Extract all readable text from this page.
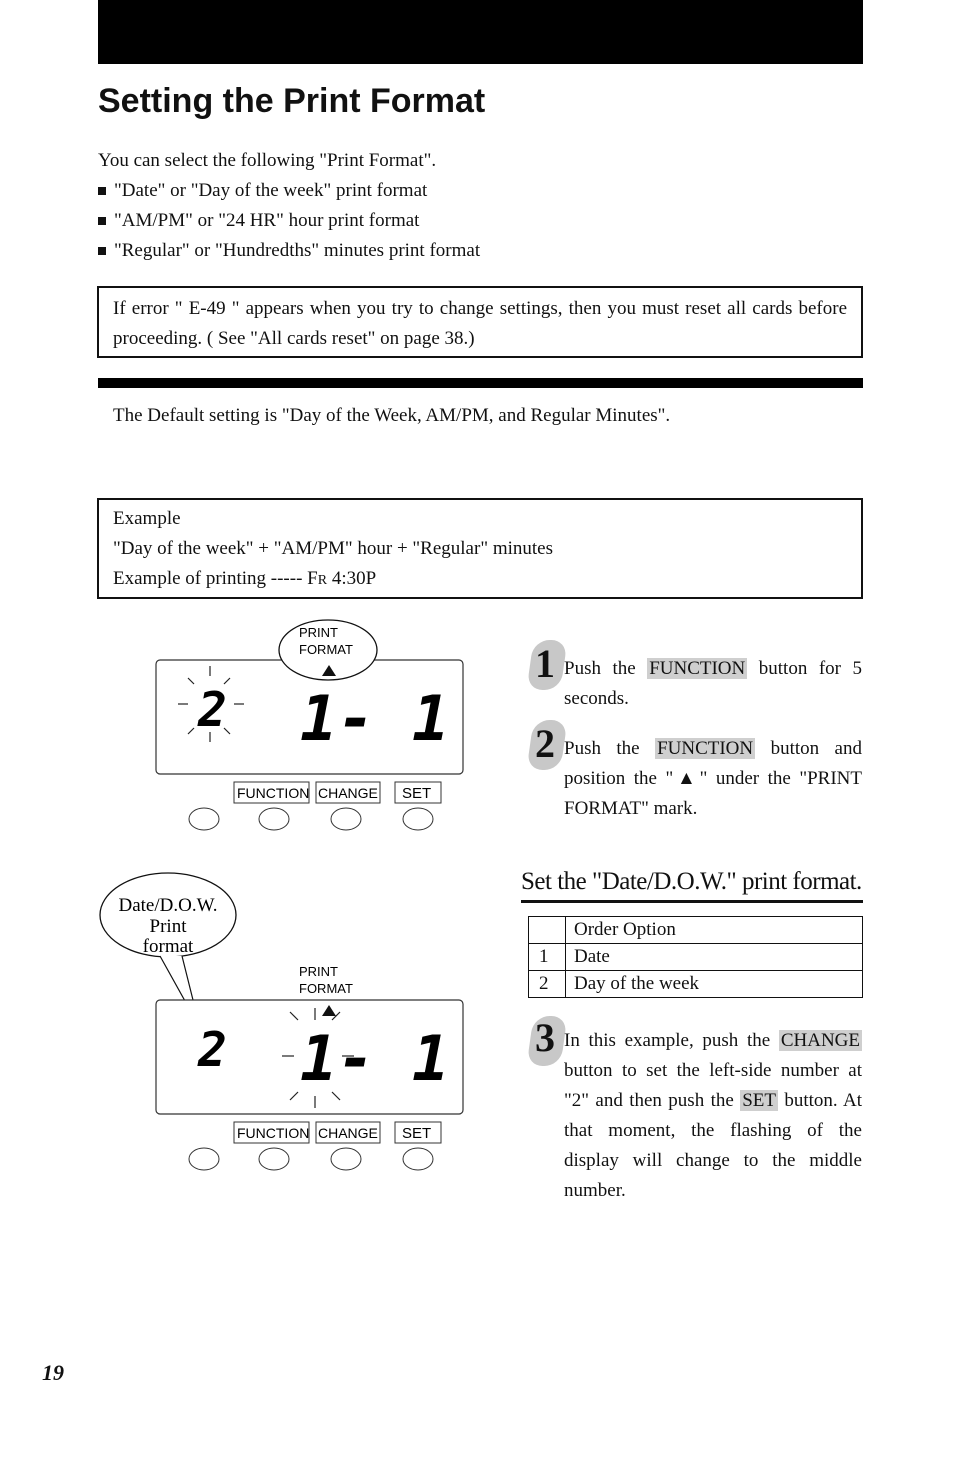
Setting the Print Format
You can select the following "Print Format".
"Date" or "Day of the week" print format
"AM/PM" or "24 HR" hour print format
"Regular" or "Hundredths" minutes print format
If error " E-49 " appears when you try to change settings, then you must reset all cards before proceeding. ( See "All cards reset" on page 38.)
The Default setting is "Day of the Week, AM/PM, and Regular Minutes".
Example
"Day of the week" + "AM/PM" hour + "Regular" minutes
Example of printing ----- FR 4:30P
PRINT
FORMAT
2 1- 1
FUNCTION CHANGE SET
Date/D.O.W.
Print
format
PRINT
FORMAT
2 1- 1
FUNCTION CHANGE SET
1 Push the FUNCTION button for 5 seconds.
2 Push the FUNCTION button and position the "▲" under the "PRINT FORMAT" mark.
Set the "Date/D.O.W." print format.
	Order Option
1	Date
2	Day of the week
3 In this example, push the CHANGE button to set the left-side number at "2" and then push the SET button. At that moment, the flashing of the display will change to the middle number.
19
